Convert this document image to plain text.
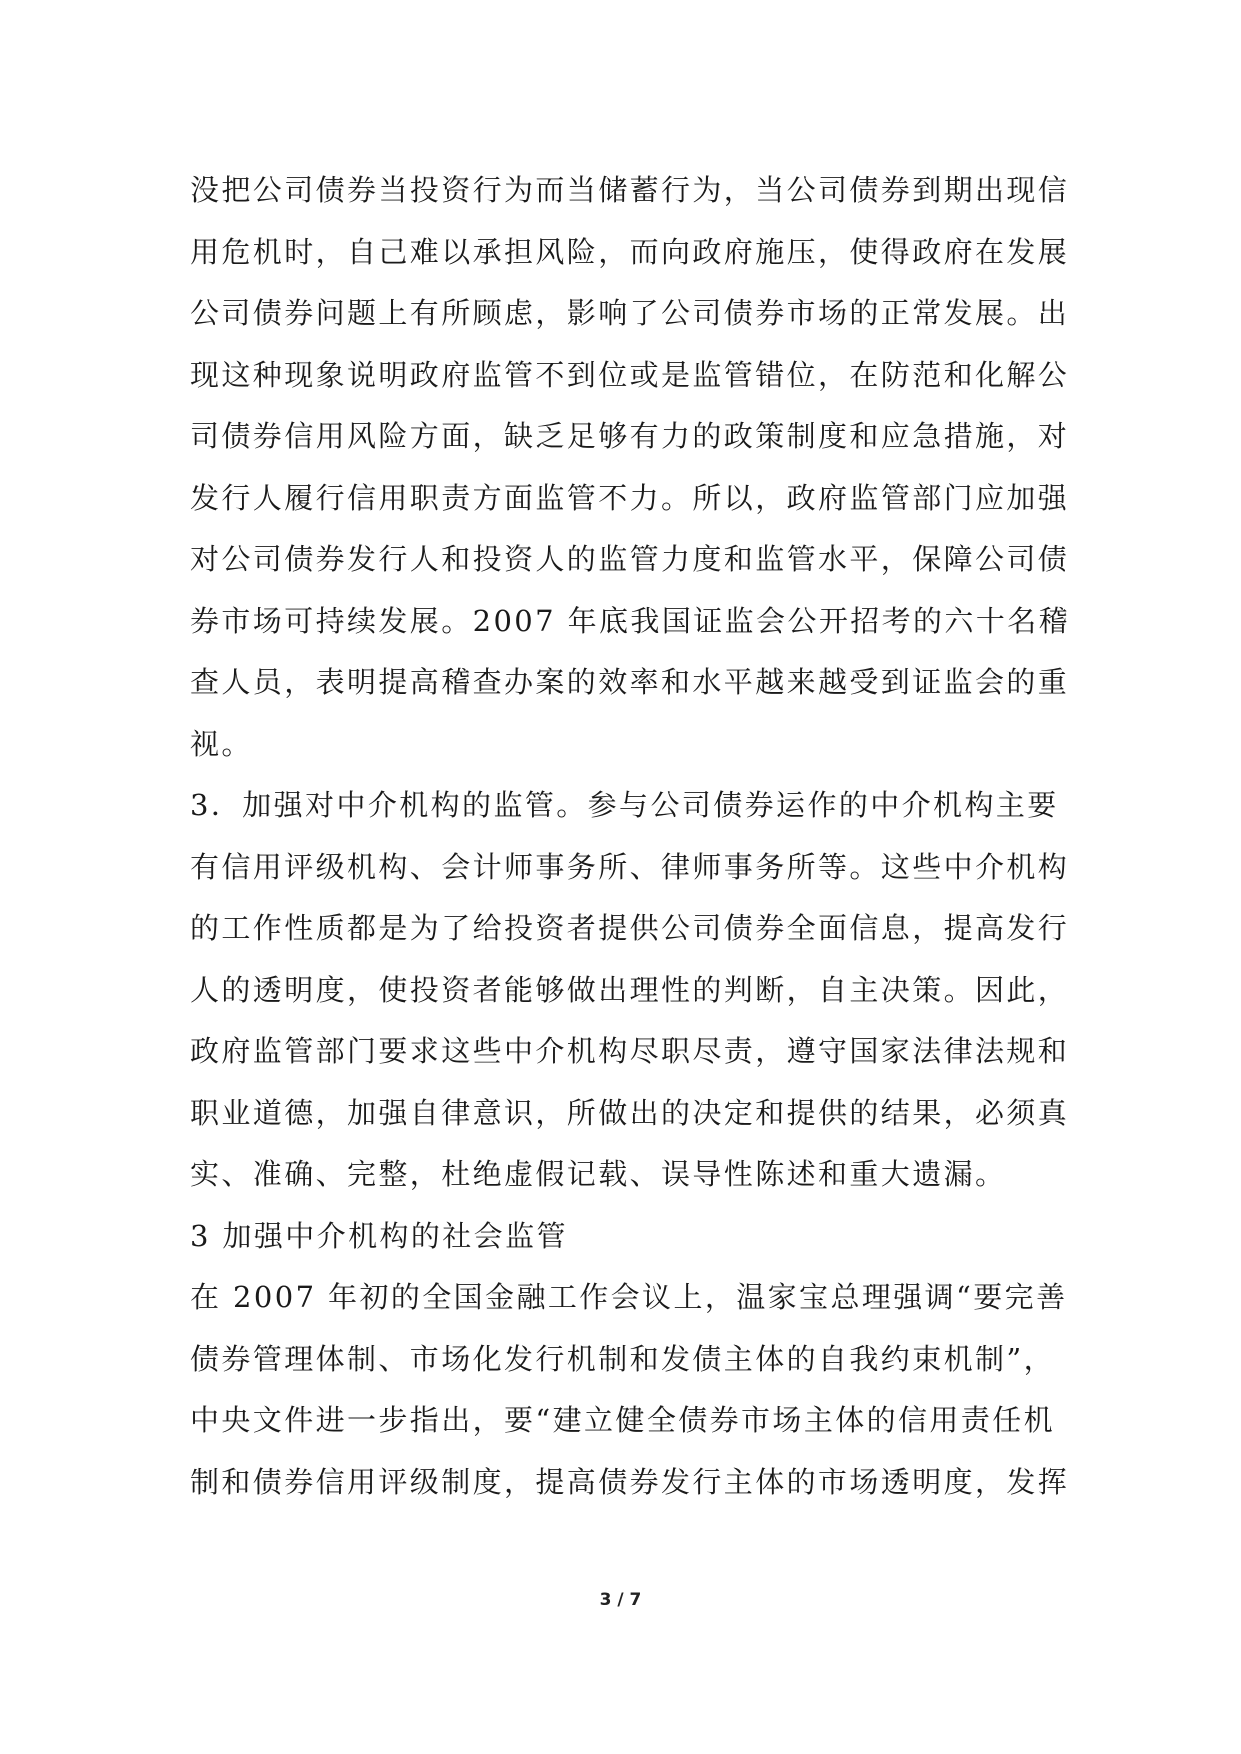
没把公司债券当投资行为而当储蓄行为，当公司债券到期出现信
用危机时，自己难以承担风险，而向政府施压，使得政府在发展
公司债券问题上有所顾虑，影响了公司债券市场的正常发展。出
现这种现象说明政府监管不到位或是监管错位，在防范和化解公
司债券信用风险方面，缺乏足够有力的政策制度和应急措施，对
发行人履行信用职责方面监管不力。所以，政府监管部门应加强
对公司债券发行人和投资人的监管力度和监管水平，保障公司债
券市场可持续发展。2007 年底我国证监会公开招考的六十名稽
查人员，表明提高稽查办案的效率和水平越来越受到证监会的重
视。
3．加强对中介机构的监管。参与公司债券运作的中介机构主要
有信用评级机构、会计师事务所、律师事务所等。这些中介机构
的工作性质都是为了给投资者提供公司债券全面信息，提高发行
人的透明度，使投资者能够做出理性的判断，自主决策。因此，
政府监管部门要求这些中介机构尽职尽责，遵守国家法律法规和
职业道德，加强自律意识，所做出的决定和提供的结果，必须真
实、准确、完整，杜绝虚假记载、误导性陈述和重大遗漏。
3 加强中介机构的社会监管
在 2007 年初的全国金融工作会议上，温家宝总理强调“要完善
债券管理体制、市场化发行机制和发债主体的自我约束机制”，
中央文件进一步指出，要“建立健全债券市场主体的信用责任机
制和债券信用评级制度，提高债券发行主体的市场透明度，发挥
3 / 7
